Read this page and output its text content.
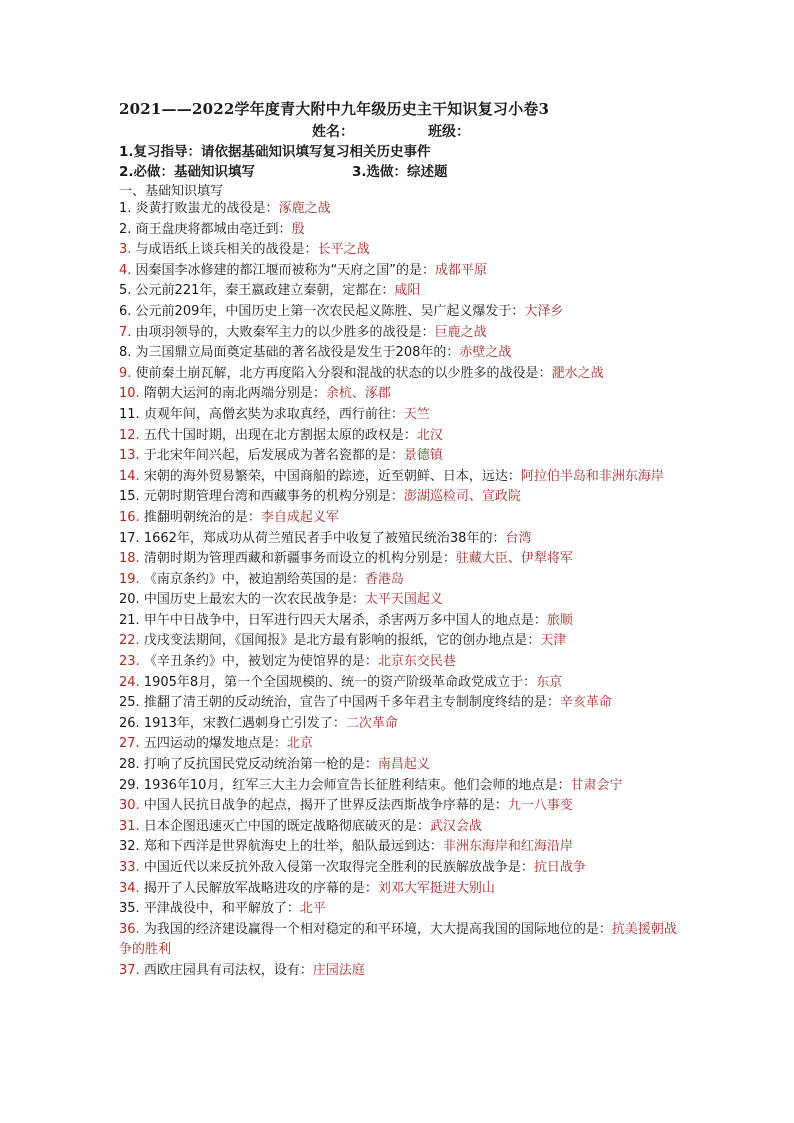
2021——2022学年度青大附中九年级历史主干知识复习小卷3
姓名：	班级：
1.复习指导：请依据基础知识填写复习相关历史事件
2.必做：基础知识填写	3.选做：综述题
一、基础知识填写
1. 炎黄打败蚩尤的战役是：涿鹿之战
2. 商王盘庚将都城由亳迁到：殷
3. 与成语纸上谈兵相关的战役是：长平之战
4. 因秦国李冰修建的都江堰而被称为“天府之国”的是：成都平原
5. 公元前221年，秦王嬴政建立秦朝，定都在：咸阳
6. 公元前209年，中国历史上第一次农民起义陈胜、吴广起义爆发于：大泽乡
7. 由项羽领导的，大败秦军主力的以少胜多的战役是：巨鹿之战
8. 为三国鼎立局面奠定基础的著名战役是发生于208年的：赤壁之战
9. 使前秦土崩瓦解，北方再度陷入分裂和混战的状态的以少胜多的战役是：淝水之战
10. 隋朝大运河的南北两端分别是：余杭、涿郡
11. 贞观年间，高僧玄奘为求取真经，西行前往：天竺
12. 五代十国时期，出现在北方割据太原的政权是：北汉
13. 于北宋年间兴起，后发展成为著名瓷都的是：景德镇
14. 宋朝的海外贸易繁荣，中国商船的踪迹，近至朝鲜、日本，远达：阿拉伯半岛和非洲东海岸
15. 元朝时期管理台湾和西藏事务的机构分别是：澎湖巡检司、宣政院
16. 推翻明朝统治的是：李自成起义军
17. 1662年，郑成功从荷兰殖民者手中收复了被殖民统治38年的：台湾
18. 清朝时期为管理西藏和新疆事务而设立的机构分别是：驻藏大臣、伊犁将军
19. 《南京条约》中，被迫割给英国的是：香港岛
20. 中国历史上最宏大的一次农民战争是：太平天国起义
21. 甲午中日战争中，日军进行四天大屠杀，杀害两万多中国人的地点是：旅顺
22. 戊戌变法期间，《国闻报》是北方最有影响的报纸，它的创办地点是：天津
23. 《辛丑条约》中，被划定为使馆界的是：北京东交民巷
24. 1905年8月，第一个全国规模的、统一的资产阶级革命政党成立于：东京
25. 推翻了清王朝的反动统治，宣告了中国两千多年君主专制制度终结的是：辛亥革命
26. 1913年，宋教仁遇刺身亡引发了：二次革命
27. 五四运动的爆发地点是：北京
28. 打响了反抗国民党反动统治第一枪的是：南昌起义
29. 1936年10月，红军三大主力会师宣告长征胜利结束。他们会师的地点是：甘肃会宁
30. 中国人民抗日战争的起点，揭开了世界反法西斯战争序幕的是：九一八事变
31. 日本企图迅速灭亡中国的既定战略彻底破灭的是：武汉会战
32. 郑和下西洋是世界航海史上的壮举，船队最远到达：非洲东海岸和红海沿岸
33. 中国近代以来反抗外敌入侵第一次取得完全胜利的民族解放战争是：抗日战争
34. 揭开了人民解放军战略进攻的序幕的是：刘邓大军挺进大别山
35. 平津战役中，和平解放了：北平
36. 为我国的经济建设赢得一个相对稳定的和平环境，大大提高我国的国际地位的是：抗美援朝战争的胜利
37. 西欧庄园具有司法权，设有：庄园法庭
